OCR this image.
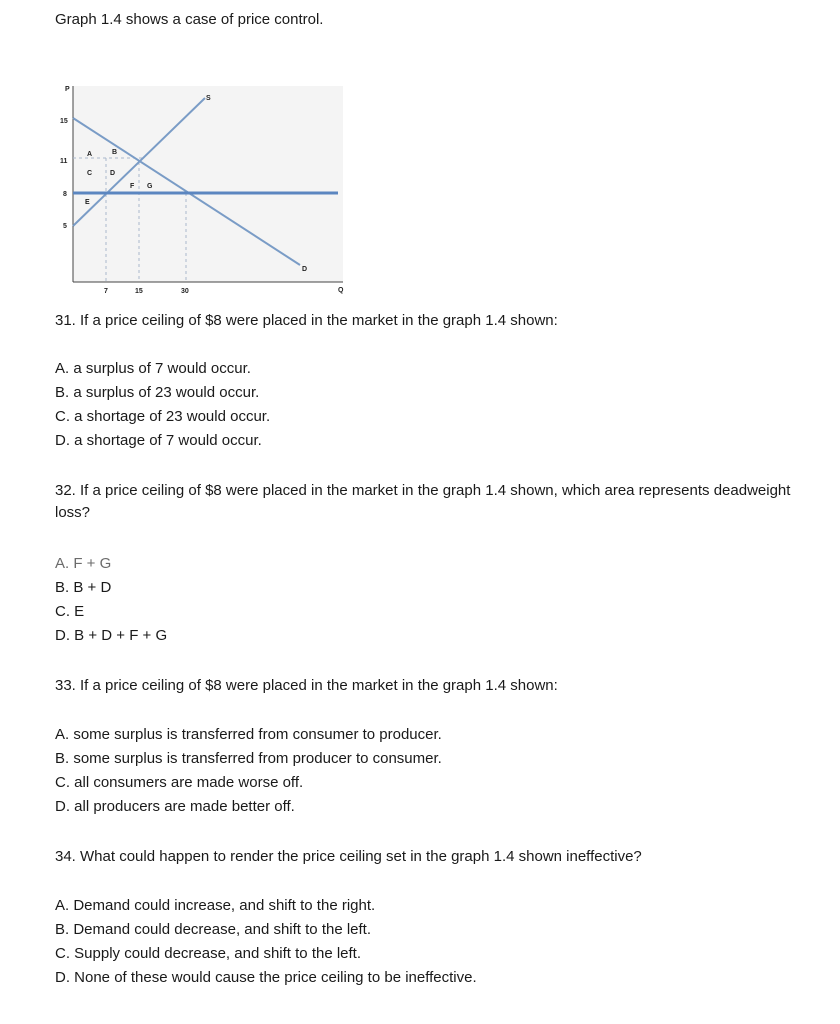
Graph 1.4 shows a case of price control.
P
Q
15
11
8
5
7	15	30
S
D
A	B
C	D
E
F G
31. If a price ceiling of $8 were placed in the market in the graph 1.4 shown:
A. a surplus of 7 would occur.
B. a surplus of 23 would occur.
C. a shortage of 23 would occur.
D. a shortage of 7 would occur.
32. If a price ceiling of $8 were placed in the market in the graph 1.4 shown, which area represents deadweight loss?
A. F + G
B. B + D
C. E
D. B + D + F + G
33. If a price ceiling of $8 were placed in the market in the graph 1.4 shown:
A. some surplus is transferred from consumer to producer.
B. some surplus is transferred from producer to consumer.
C. all consumers are made worse off.
D. all producers are made better off.
34. What could happen to render the price ceiling set in the graph 1.4 shown ineffective?
A. Demand could increase, and shift to the right.
B. Demand could decrease, and shift to the left.
C. Supply could decrease, and shift to the left.
D. None of these would cause the price ceiling to be ineffective.
